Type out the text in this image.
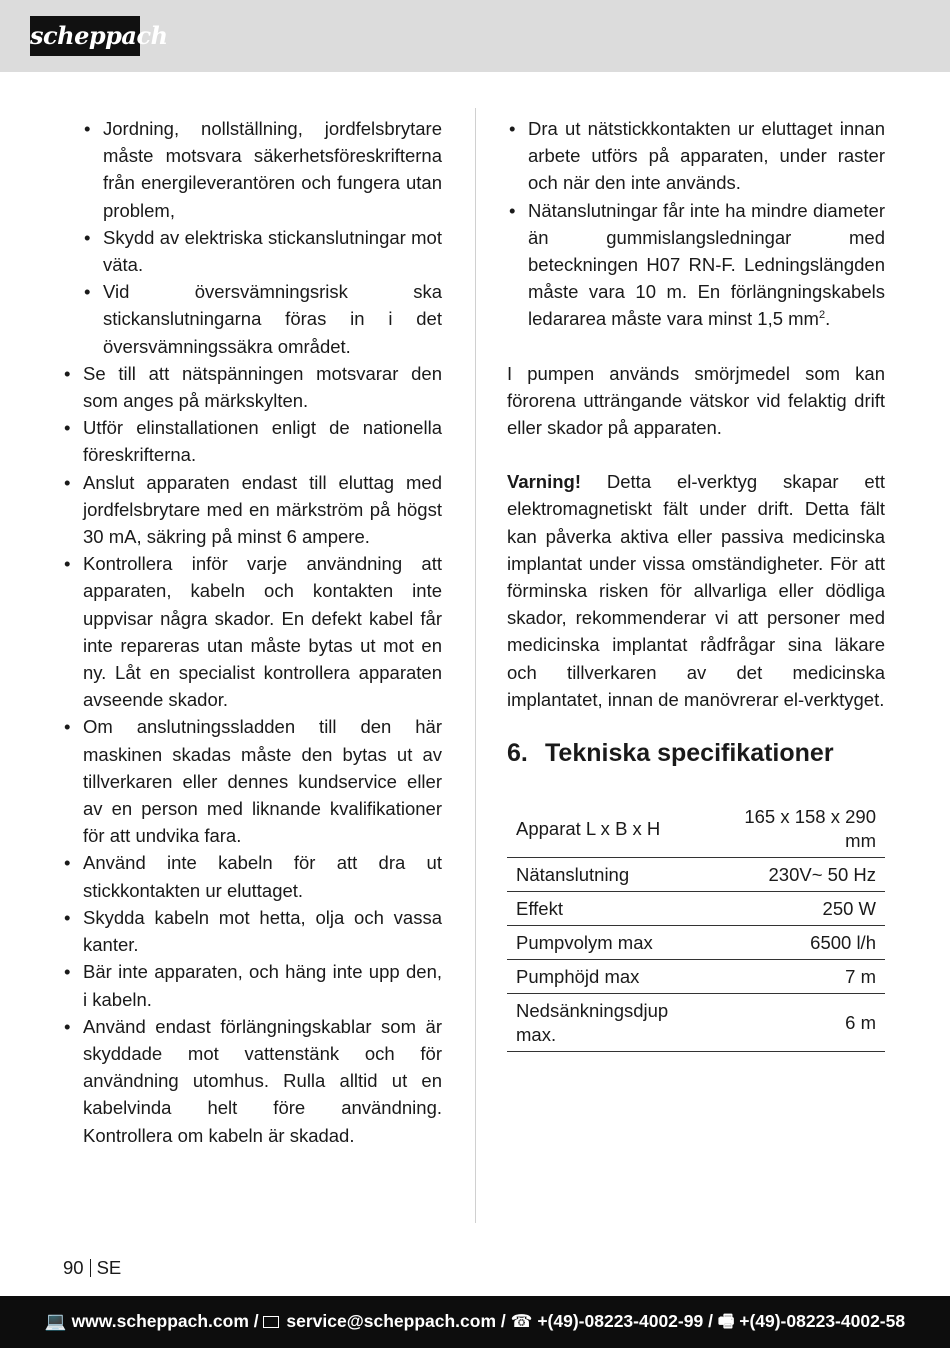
scheppach
• Jordning, nollställning, jordfelsbrytare måste motsvara säkerhetsföreskrifterna från energileverantören och fungera utan problem,
• Skydd av elektriska stickanslutningar mot väta.
• Vid översvämningsrisk ska stickanslutningarna föras in i det översvämningssäkra området.
• Se till att nätspänningen motsvarar den som anges på märkskylten.
• Utför elinstallationen enligt de nationella föreskrifterna.
• Anslut apparaten endast till eluttag med jordfelsbrytare med en märkström på högst 30 mA, säkring på minst 6 ampere.
• Kontrollera inför varje användning att apparaten, kabeln och kontakten inte uppvisar några skador. En defekt kabel får inte repareras utan måste bytas ut mot en ny. Låt en specialist kontrollera apparaten avseende skador.
• Om anslutningssladden till den här maskinen skadas måste den bytas ut av tillverkaren eller dennes kundservice eller av en person med liknande kvalifikationer för att undvika fara.
• Använd inte kabeln för att dra ut stickkontakten ur eluttaget.
• Skydda kabeln mot hetta, olja och vassa kanter.
• Bär inte apparaten, och häng inte upp den, i kabeln.
• Använd endast förlängningskablar som är skyddade mot vattenstänk och för användning utomhus. Rulla alltid ut en kabelvinda helt före användning. Kontrollera om kabeln är skadad.
• Dra ut nätstickkontakten ur eluttaget innan arbete utförs på apparaten, under raster och när den inte används.
• Nätanslutningar får inte ha mindre diameter än gummislangsledningar med beteckningen H07 RN-F. Ledningslängden måste vara 10 m. En förlängningskabels ledararea måste vara minst 1,5 $mm^2$.

I pumpen används smörjmedel som kan förorena utträngande vätskor vid felaktig drift eller skador på apparaten.

Varning! Detta el-verktyg skapar ett elektromagnetiskt fält under drift. Detta fält kan påverka aktiva eller passiva medicinska implantat under vissa omständigheter. För att förminska risken för allvarliga eller dödliga skador, rekommenderar vi att personer med medicinska implantat rådfrågar sina läkare och tillverkaren av det medicinska implantatet, innan de manövrerar el-verktyget.

6. Tekniska specifikationer
Apparat L x B x H	165 x 158 x 290 mm
Nätanslutning	230V~ 50 Hz
Effekt	250 W
Pumpvolym max	6500 l/h
Pumphöjd max	7 m
Nedsänkningsdjup max.	6 m
90 SE
💻 www.scheppach.com / service@scheppach.com / ☎ +(49)-08223-4002-99 / 🖷 +(49)-08223-4002-58
